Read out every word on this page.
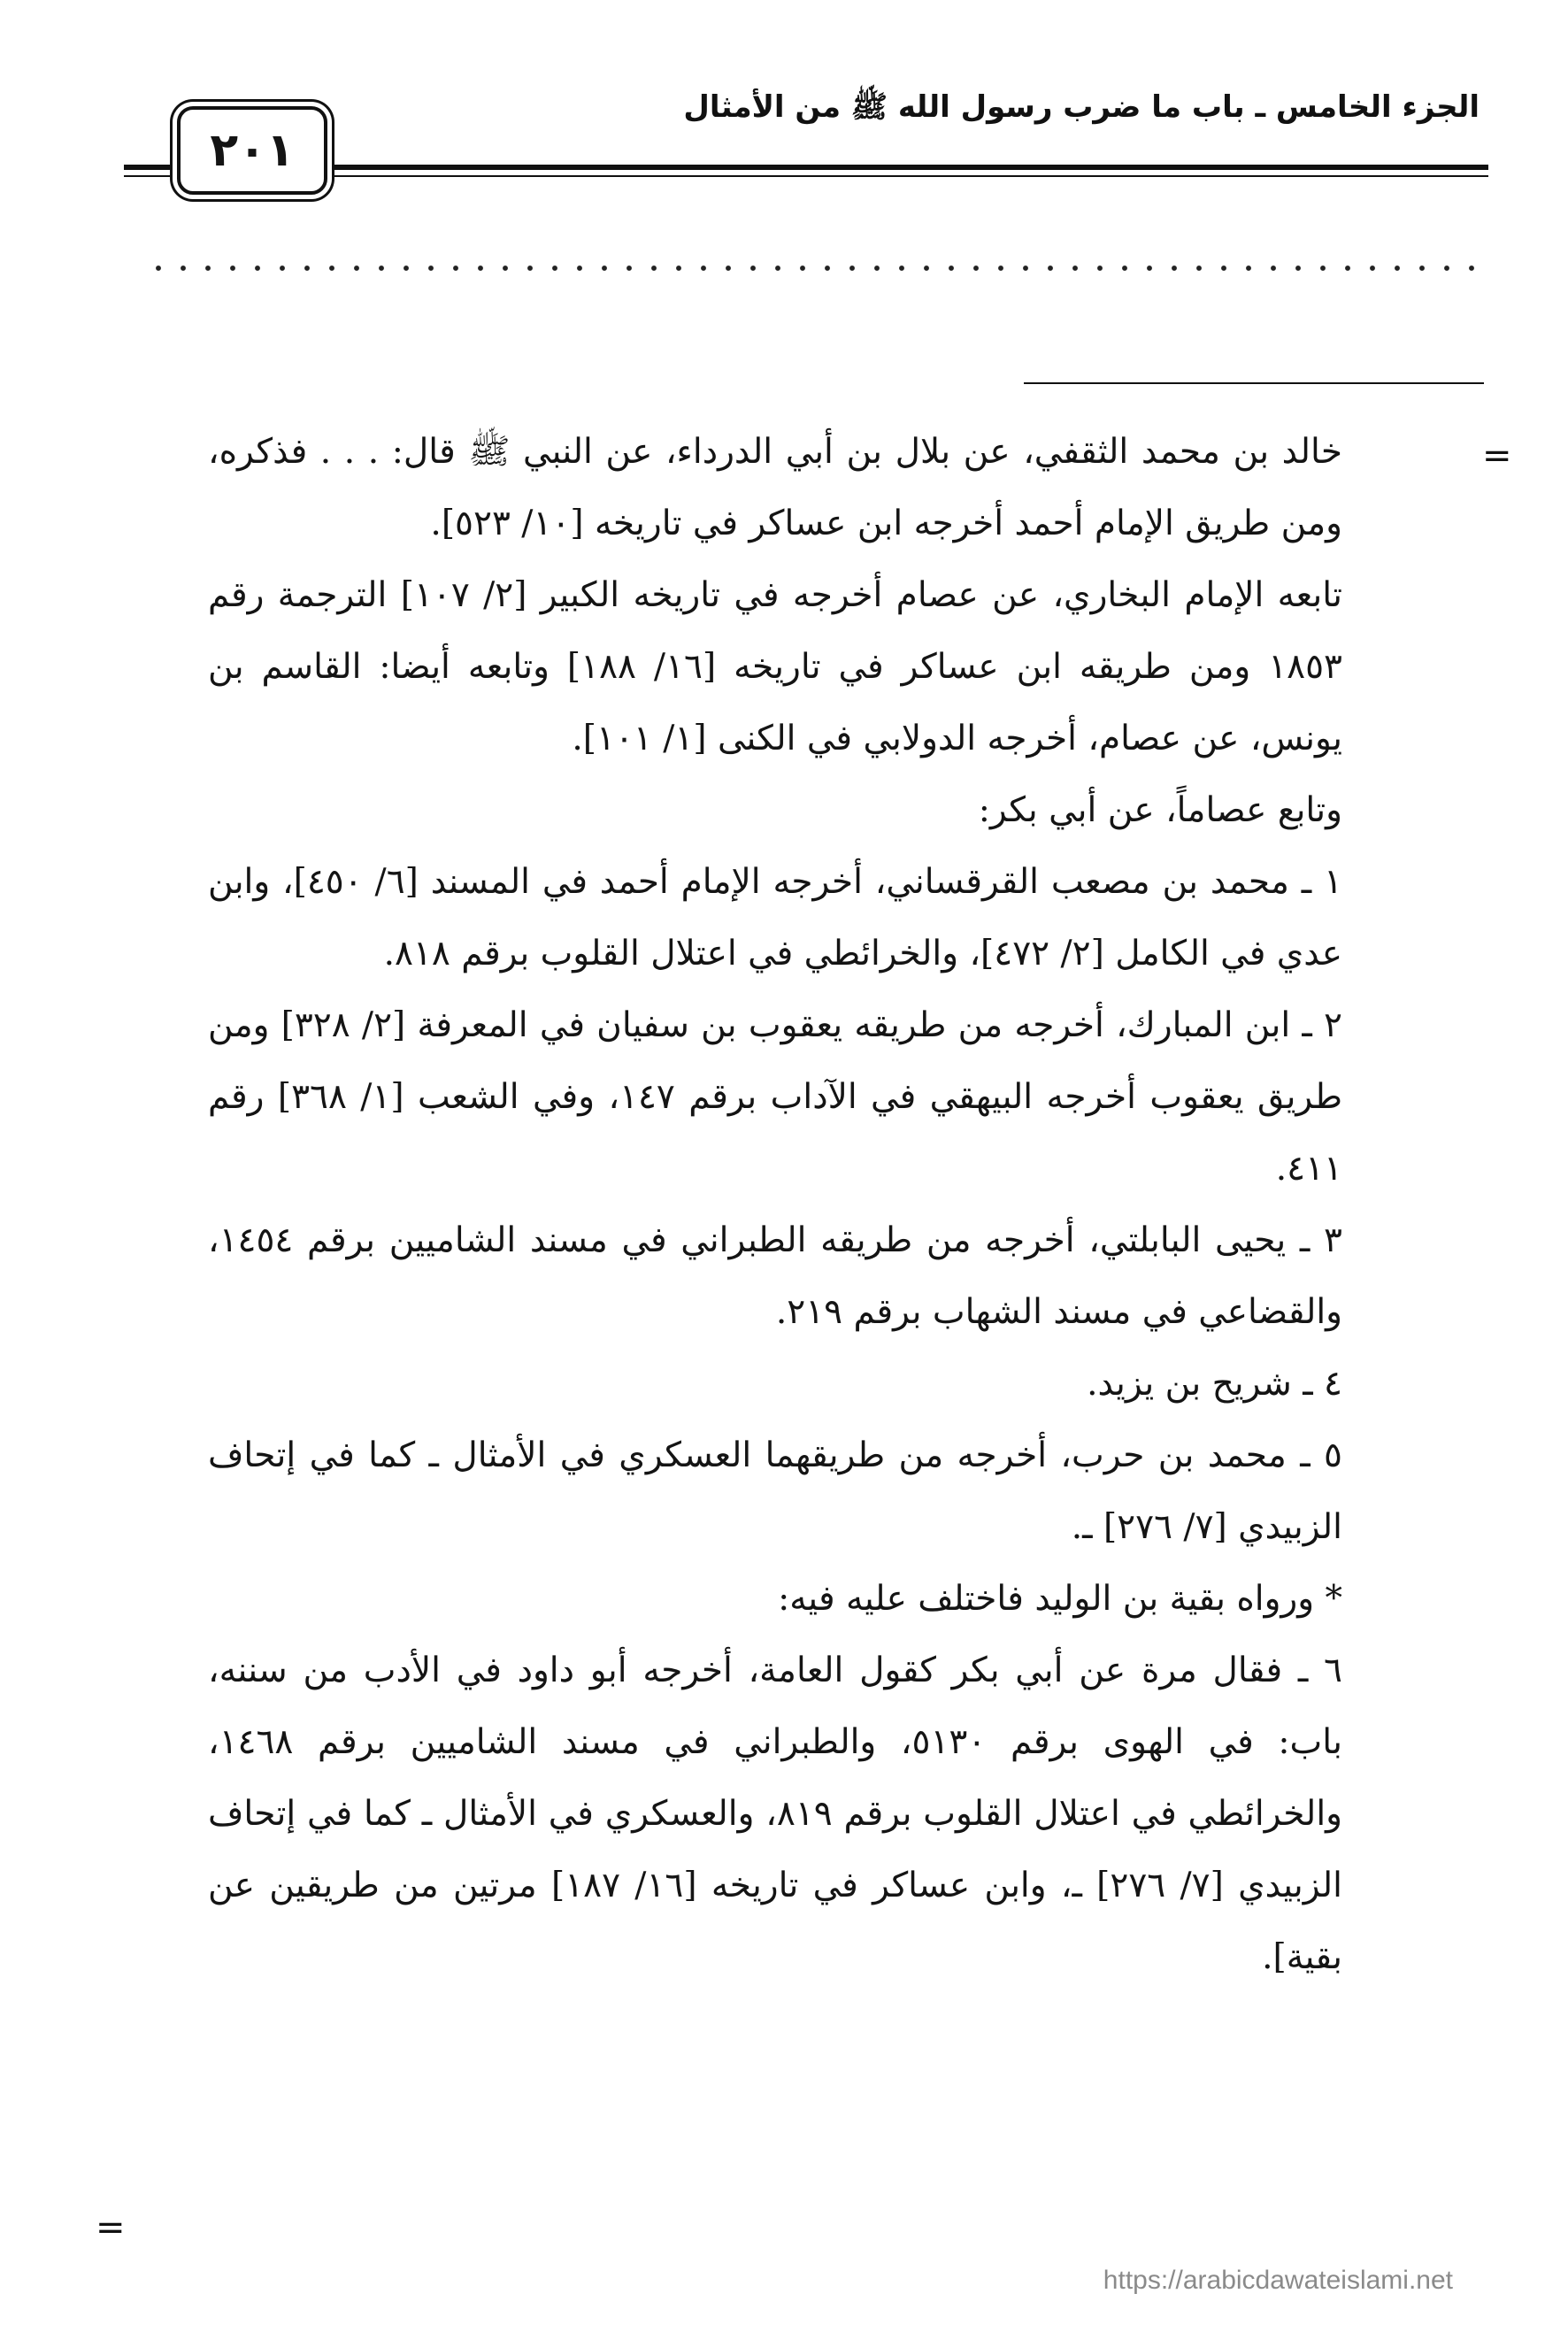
الجزء الخامس ـ باب ما ضرب رسول الله ﷺ من الأمثال
٢٠١
=

خالد بن محمد الثقفي، عن بلال بن أبي الدرداء، عن النبي ﷺ قال: . . . فذكره، ومن طريق الإمام أحمد أخرجه ابن عساكر في تاريخه [١٠/ ٥٢٣].

تابعه الإمام البخاري، عن عصام أخرجه في تاريخه الكبير [٢/ ١٠٧] الترجمة رقم ١٨٥٣ ومن طريقه ابن عساكر في تاريخه [١٦/ ١٨٨] وتابعه أيضا: القاسم بن يونس، عن عصام، أخرجه الدولابي في الكنى [١/ ١٠١].

وتابع عصاماً، عن أبي بكر:

١ ـ محمد بن مصعب القرقساني، أخرجه الإمام أحمد في المسند [٦/ ٤٥٠]، وابن عدي في الكامل [٢/ ٤٧٢]، والخرائطي في اعتلال القلوب برقم ٨١٨.

٢ ـ ابن المبارك، أخرجه من طريقه يعقوب بن سفيان في المعرفة [٢/ ٣٢٨] ومن طريق يعقوب أخرجه البيهقي في الآداب برقم ١٤٧، وفي الشعب [١/ ٣٦٨] رقم ٤١١.

٣ ـ يحيى البابلتي، أخرجه من طريقه الطبراني في مسند الشاميين برقم ١٤٥٤، والقضاعي في مسند الشهاب برقم ٢١٩.

٤ ـ شريح بن يزيد.

٥ ـ محمد بن حرب، أخرجه من طريقهما العسكري في الأمثال ـ كما في إتحاف الزبيدي [٧/ ٢٧٦] ـ.

* ورواه بقية بن الوليد فاختلف عليه فيه:

٦ ـ فقال مرة عن أبي بكر كقول العامة، أخرجه أبو داود في الأدب من سننه، باب: في الهوى برقم ٥١٣٠، والطبراني في مسند الشاميين برقم ١٤٦٨، والخرائطي في اعتلال القلوب برقم ٨١٩، والعسكري في الأمثال ـ كما في إتحاف الزبيدي [٧/ ٢٧٦] ـ، وابن عساكر في تاريخه [١٦/ ١٨٧] مرتين من طريقين عن بقية].

=
https://arabicdawateislami.net
